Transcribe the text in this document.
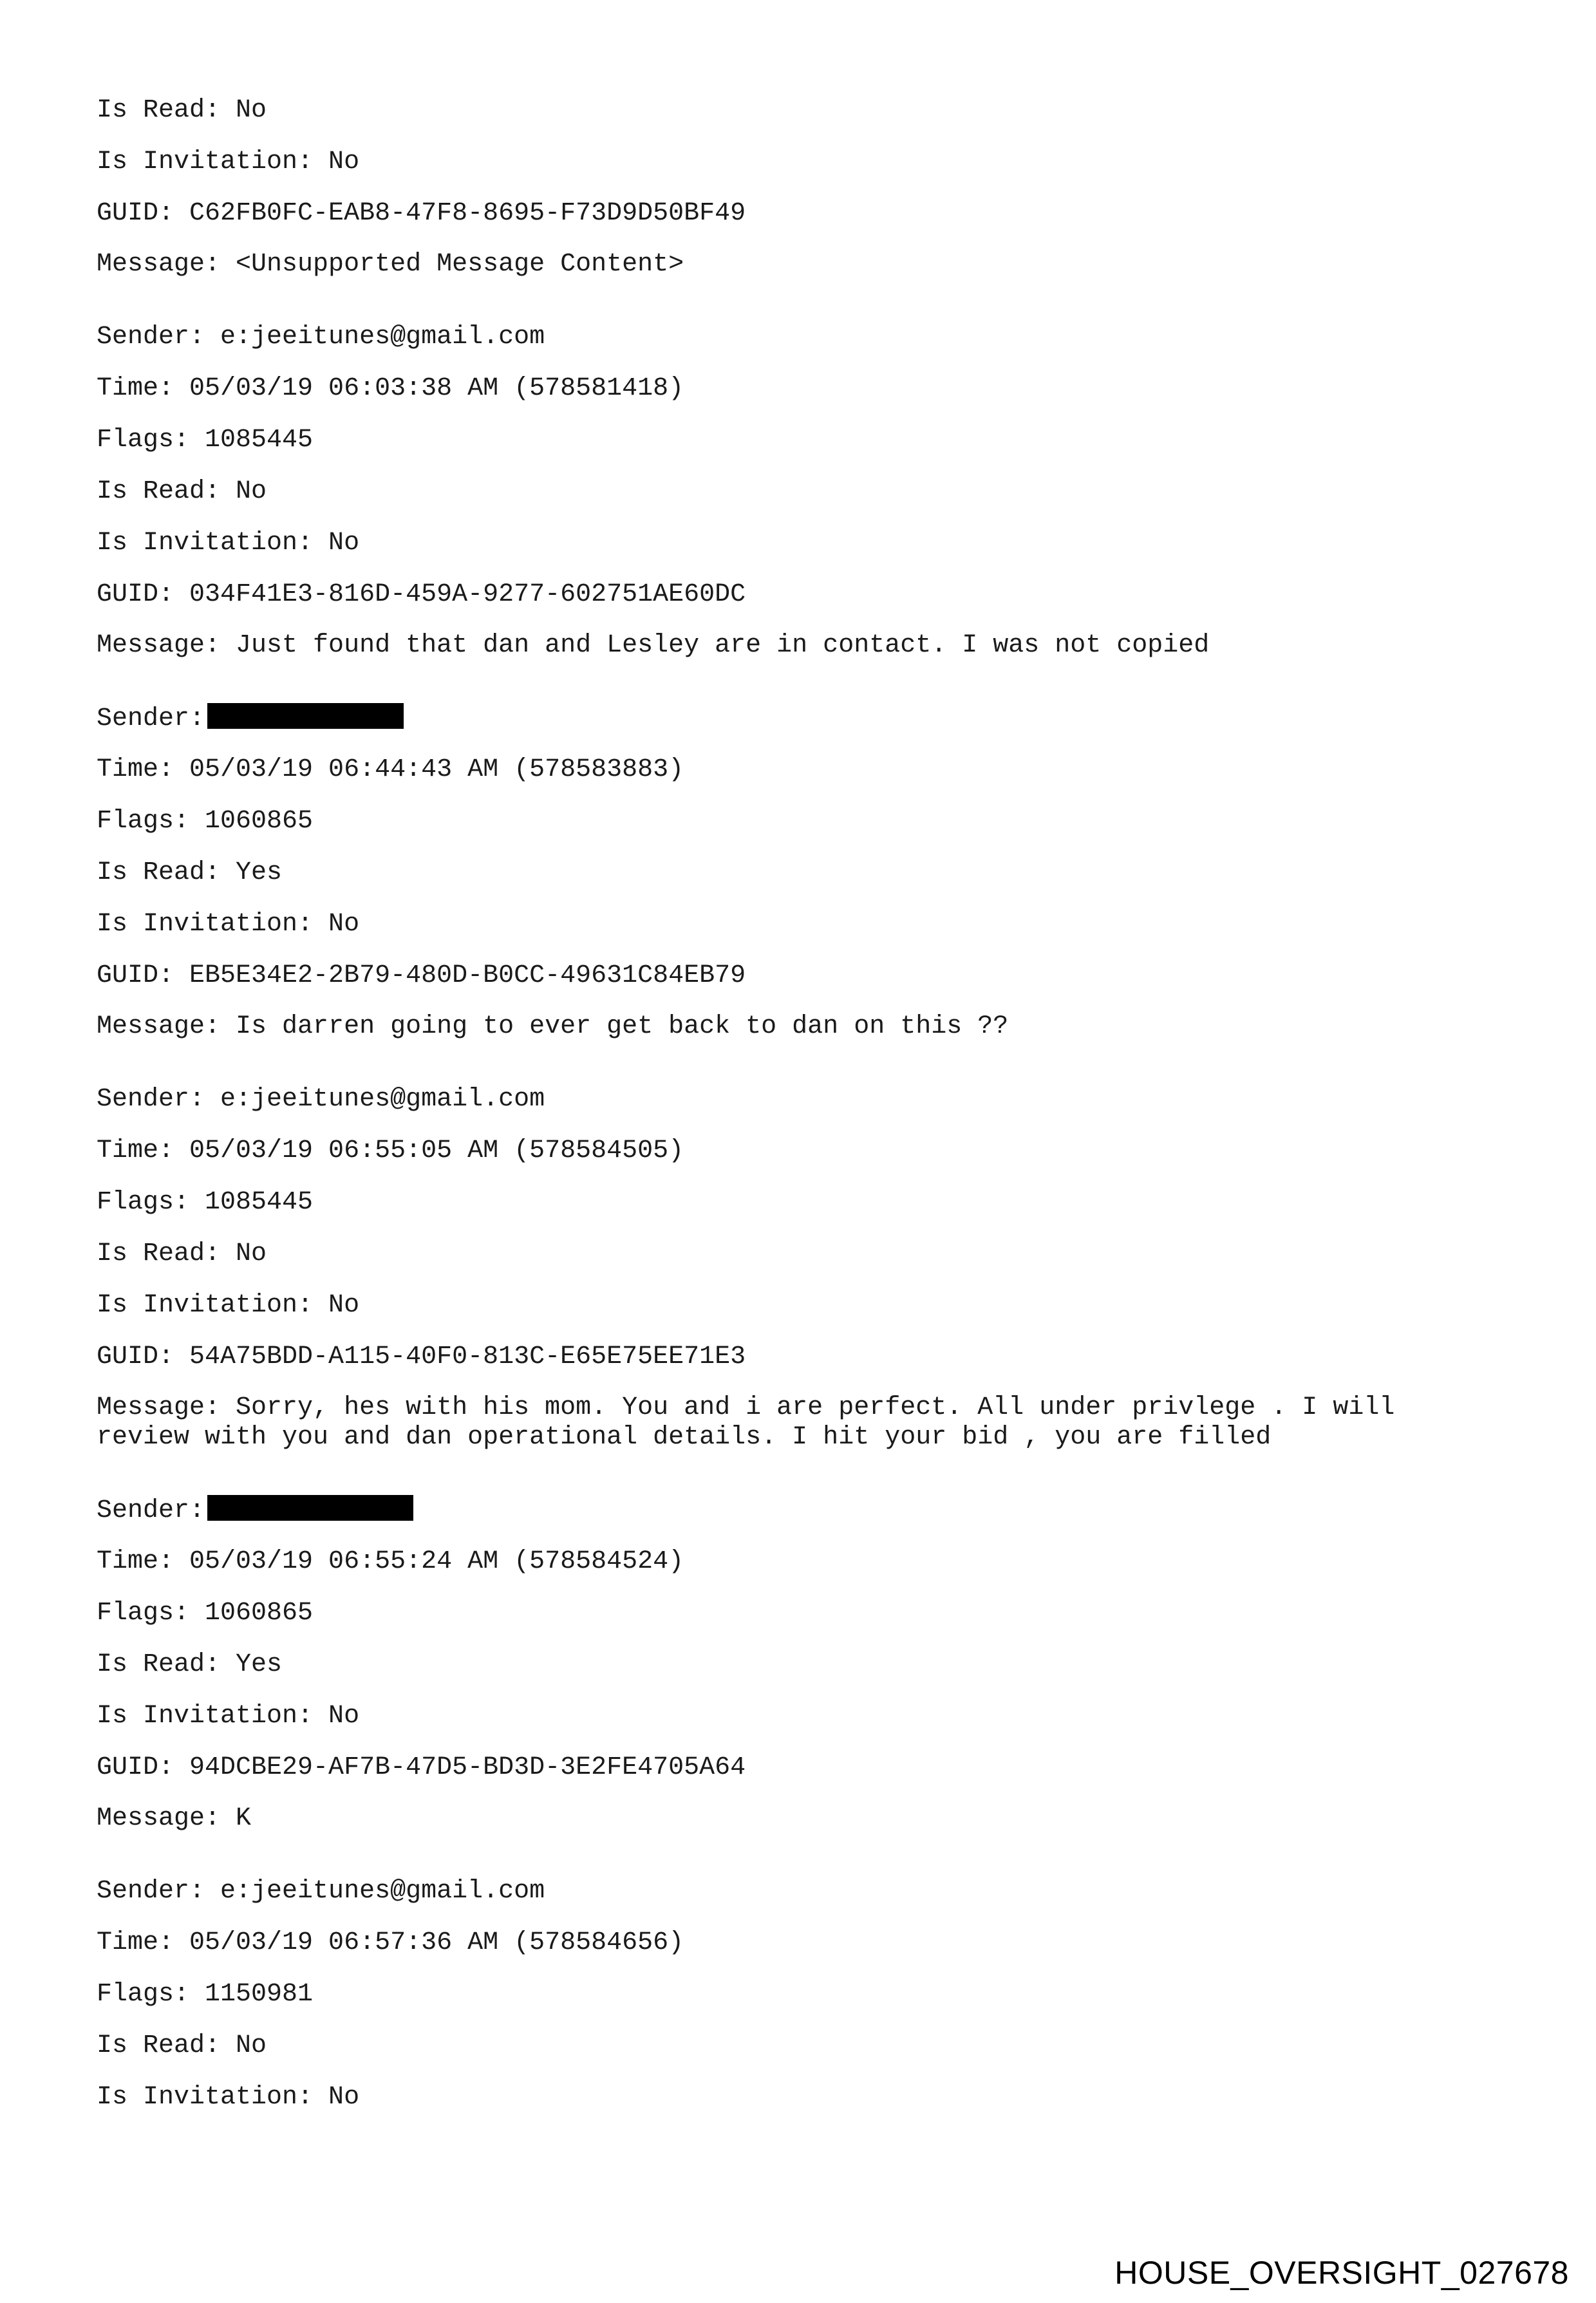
Is Read: No
Is Invitation: No
GUID: C62FB0FC-EAB8-47F8-8695-F73D9D50BF49
Message: <Unsupported Message Content>
Sender: e:jeeitunes@gmail.com
Time: 05/03/19 06:03:38 AM (578581418)
Flags: 1085445
Is Read: No
Is Invitation: No
GUID: 034F41E3-816D-459A-9277-602751AE60DC
Message: Just found that dan and Lesley are in contact. I was not copied
Sender:
Time: 05/03/19 06:44:43 AM (578583883)
Flags: 1060865
Is Read: Yes
Is Invitation: No
GUID: EB5E34E2-2B79-480D-B0CC-49631C84EB79
Message: Is darren going to ever get back to dan on this ??
Sender: e:jeeitunes@gmail.com
Time: 05/03/19 06:55:05 AM (578584505)
Flags: 1085445
Is Read: No
Is Invitation: No
GUID: 54A75BDD-A115-40F0-813C-E65E75EE71E3
Message: Sorry, hes with his mom. You and i are perfect. All under privlege . I will
review with you and dan operational details. I hit your bid , you are filled
Sender:
Time: 05/03/19 06:55:24 AM (578584524)
Flags: 1060865
Is Read: Yes
Is Invitation: No
GUID: 94DCBE29-AF7B-47D5-BD3D-3E2FE4705A64
Message: K
Sender: e:jeeitunes@gmail.com
Time: 05/03/19 06:57:36 AM (578584656)
Flags: 1150981
Is Read: No
Is Invitation: No
HOUSE_OVERSIGHT_027678
